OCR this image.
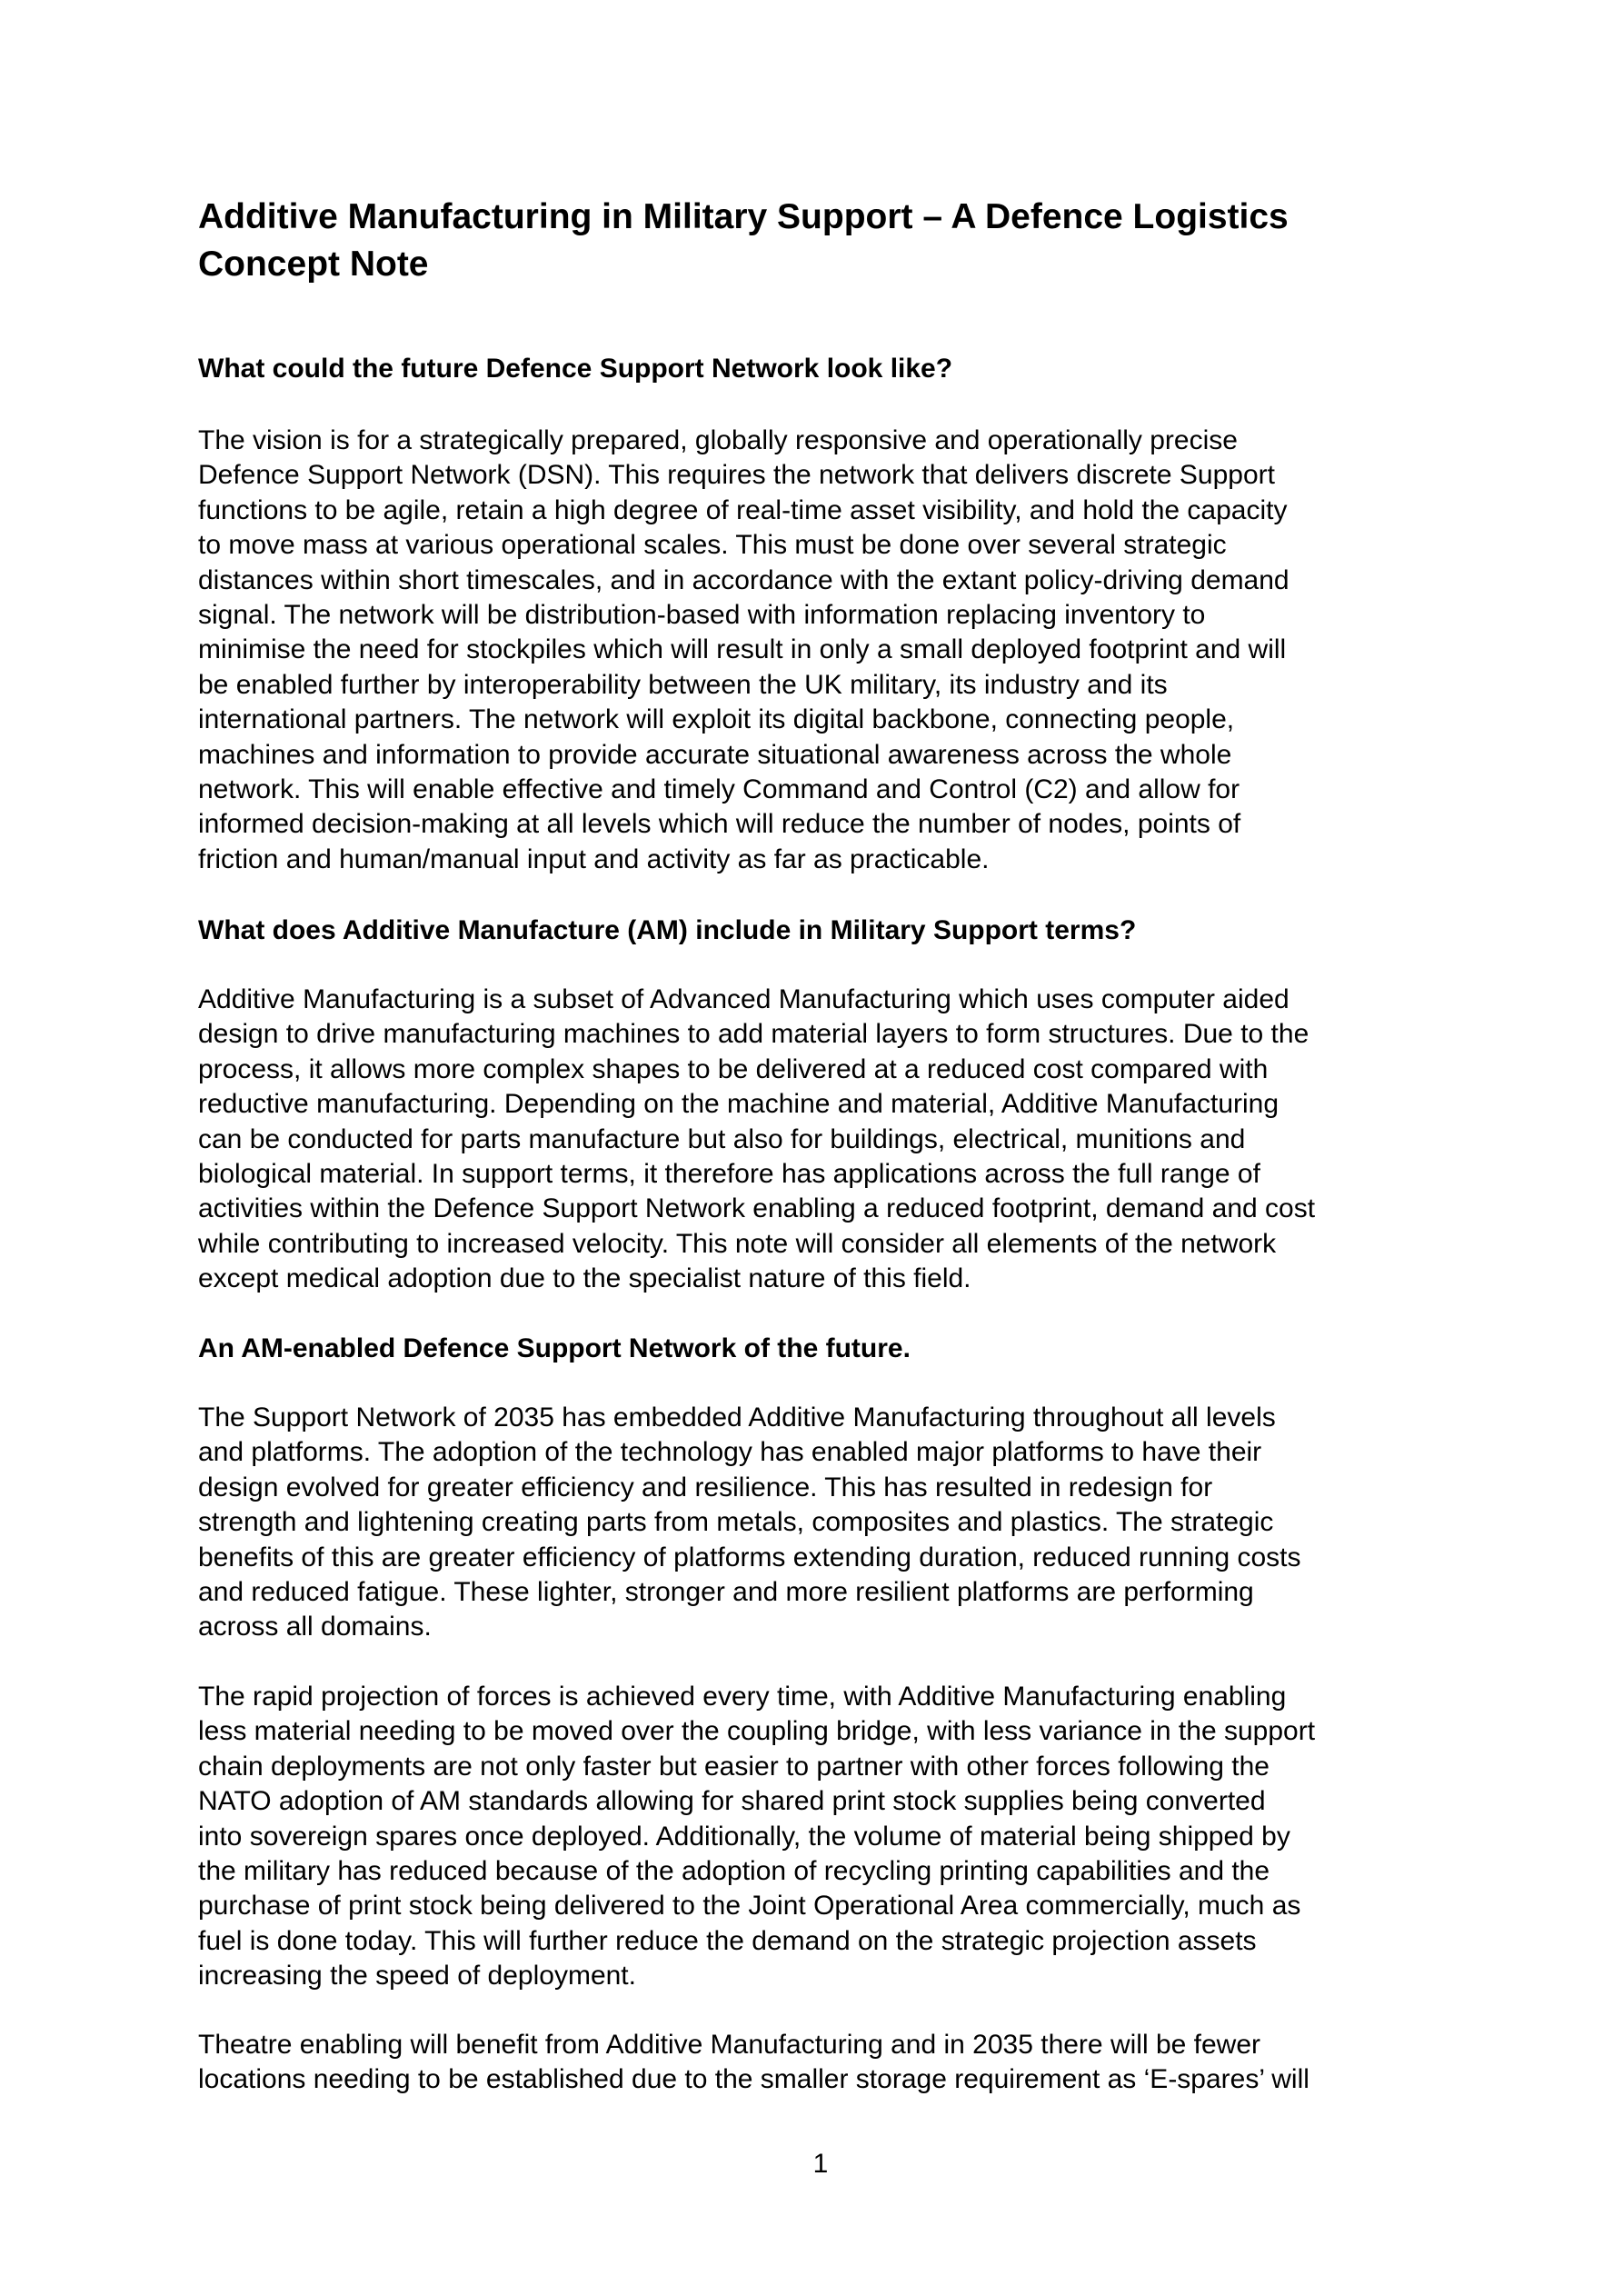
Additive Manufacturing in Military Support – A Defence Logistics
Concept Note
What could the future Defence Support Network look like?

The vision is for a strategically prepared, globally responsive and operationally precise
Defence Support Network (DSN). This requires the network that delivers discrete Support
functions to be agile, retain a high degree of real-time asset visibility, and hold the capacity
to move mass at various operational scales. This must be done over several strategic
distances within short timescales, and in accordance with the extant policy-driving demand
signal. The network will be distribution-based with information replacing inventory to
minimise the need for stockpiles which will result in only a small deployed footprint and will
be enabled further by interoperability between the UK military, its industry and its
international partners. The network will exploit its digital backbone, connecting people,
machines and information to provide accurate situational awareness across the whole
network. This will enable effective and timely Command and Control (C2) and allow for
informed decision-making at all levels which will reduce the number of nodes, points of
friction and human/manual input and activity as far as practicable.

What does Additive Manufacture (AM) include in Military Support terms?

Additive Manufacturing is a subset of Advanced Manufacturing which uses computer aided
design to drive manufacturing machines to add material layers to form structures. Due to the
process, it allows more complex shapes to be delivered at a reduced cost compared with
reductive manufacturing. Depending on the machine and material, Additive Manufacturing
can be conducted for parts manufacture but also for buildings, electrical, munitions and
biological material. In support terms, it therefore has applications across the full range of
activities within the Defence Support Network enabling a reduced footprint, demand and cost
while contributing to increased velocity. This note will consider all elements of the network
except medical adoption due to the specialist nature of this field.

An AM-enabled Defence Support Network of the future.

The Support Network of 2035 has embedded Additive Manufacturing throughout all levels
and platforms. The adoption of the technology has enabled major platforms to have their
design evolved for greater efficiency and resilience. This has resulted in redesign for
strength and lightening creating parts from metals, composites and plastics. The strategic
benefits of this are greater efficiency of platforms extending duration, reduced running costs
and reduced fatigue. These lighter, stronger and more resilient platforms are performing
across all domains.

The rapid projection of forces is achieved every time, with Additive Manufacturing enabling
less material needing to be moved over the coupling bridge, with less variance in the support
chain deployments are not only faster but easier to partner with other forces following the
NATO adoption of AM standards allowing for shared print stock supplies being converted
into sovereign spares once deployed. Additionally, the volume of material being shipped by
the military has reduced because of the adoption of recycling printing capabilities and the
purchase of print stock being delivered to the Joint Operational Area commercially, much as
fuel is done today. This will further reduce the demand on the strategic projection assets
increasing the speed of deployment.

Theatre enabling will benefit from Additive Manufacturing and in 2035 there will be fewer
locations needing to be established due to the smaller storage requirement as ‘E-spares’ will

1
